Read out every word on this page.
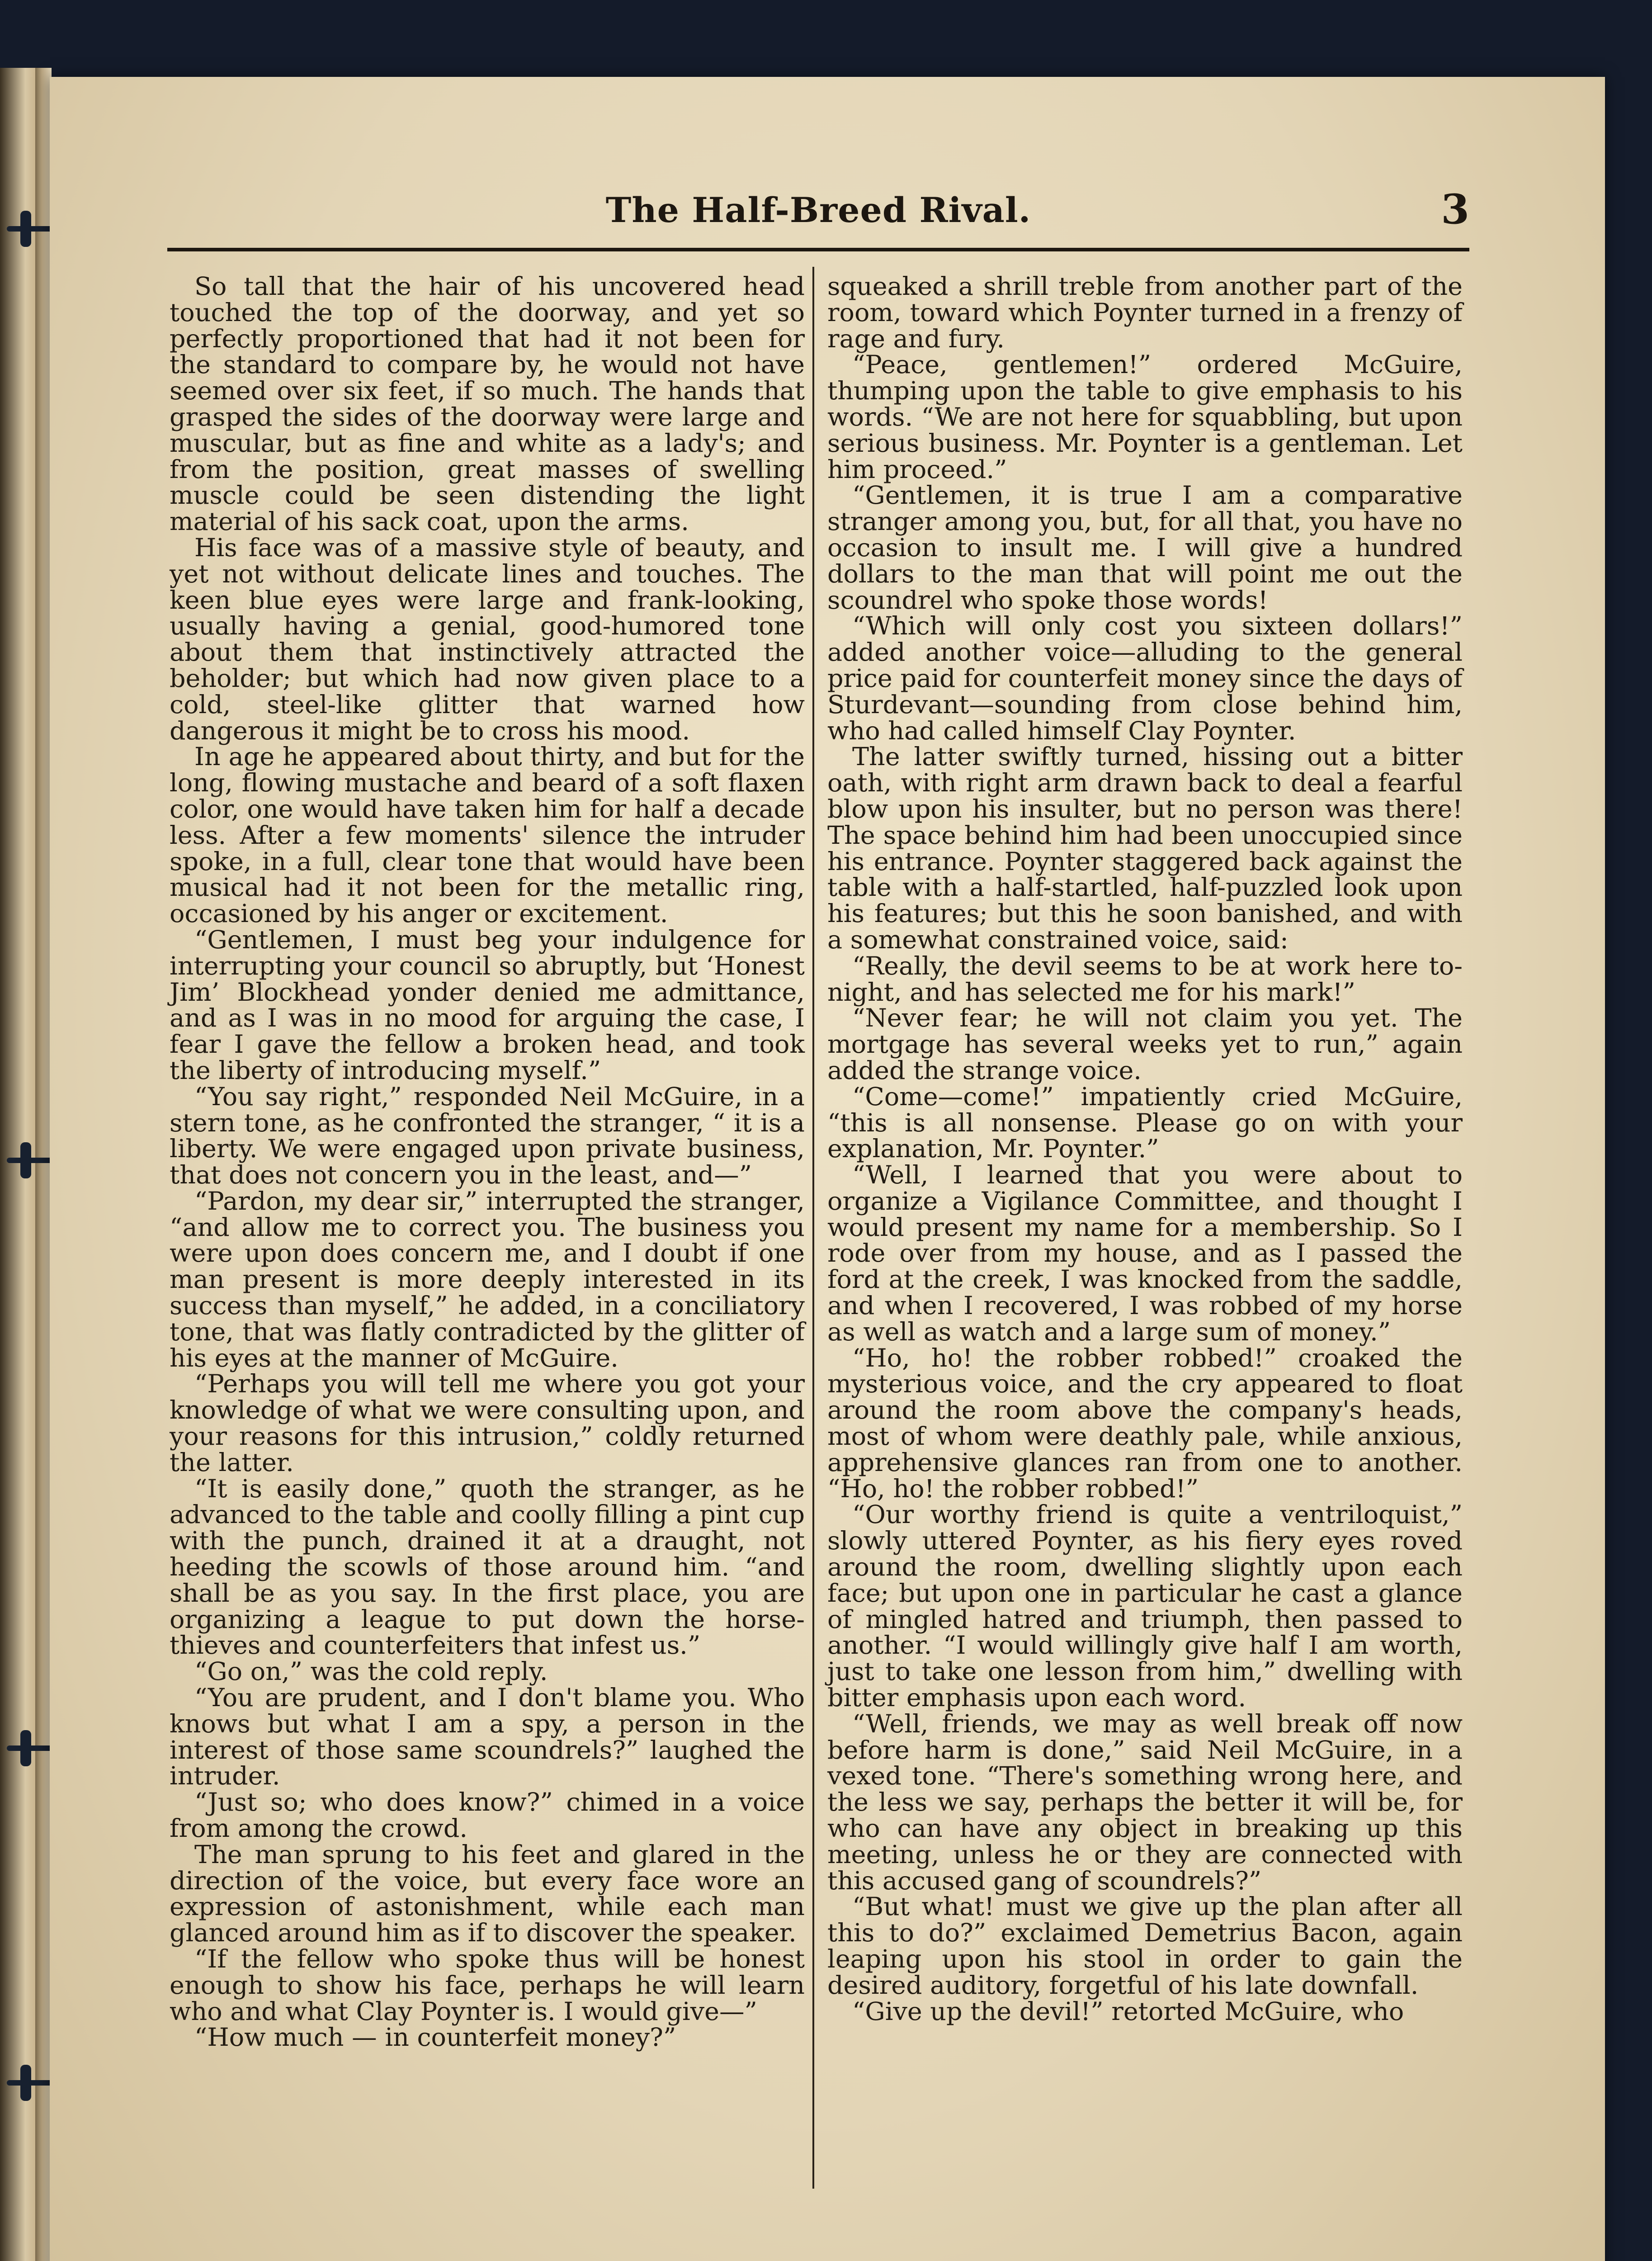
The Half-Breed Rival.	3

So tall that the hair of his uncovered head touched the top of the doorway, and yet so perfectly proportioned that had it not been for the standard to compare by, he would not have seemed over six feet, if so much. The hands that grasped the sides of the doorway were large and muscular, but as fine and white as a lady's; and from the position, great masses of swelling muscle could be seen distending the light material of his sack coat, upon the arms.

His face was of a massive style of beauty, and yet not without delicate lines and touches. The keen blue eyes were large and frank-looking, usually having a genial, good-humored tone about them that instinctively attracted the beholder; but which had now given place to a cold, steel-like glitter that warned how dangerous it might be to cross his mood.

In age he appeared about thirty, and but for the long, flowing mustache and beard of a soft flaxen color, one would have taken him for half a decade less. After a few moments' silence the intruder spoke, in a full, clear tone that would have been musical had it not been for the metallic ring, occasioned by his anger or excitement.

“Gentlemen, I must beg your indulgence for interrupting your council so abruptly, but ‘Honest Jim’ Blockhead yonder denied me admittance, and as I was in no mood for arguing the case, I fear I gave the fellow a broken head, and took the liberty of introducing myself.”

“You say right,” responded Neil McGuire, in a stern tone, as he confronted the stranger, “ it is a liberty. We were engaged upon private business, that does not concern you in the least, and—”

“Pardon, my dear sir,” interrupted the stranger, “and allow me to correct you. The business you were upon does concern me, and I doubt if one man present is more deeply interested in its success than myself,” he added, in a conciliatory tone, that was flatly contradicted by the glitter of his eyes at the manner of McGuire.

“Perhaps you will tell me where you got your knowledge of what we were consulting upon, and your reasons for this intrusion,” coldly returned the latter.

“It is easily done,” quoth the stranger, as he advanced to the table and coolly filling a pint cup with the punch, drained it at a draught, not heeding the scowls of those around him. “and shall be as you say. In the first place, you are organizing a league to put down the horse-thieves and counterfeiters that infest us.”

“Go on,” was the cold reply.

“You are prudent, and I don't blame you. Who knows but what I am a spy, a person in the interest of those same scoundrels?” laughed the intruder.

“Just so; who does know?” chimed in a voice from among the crowd.

The man sprung to his feet and glared in the direction of the voice, but every face wore an expression of astonishment, while each man glanced around him as if to discover the speaker.

“If the fellow who spoke thus will be honest enough to show his face, perhaps he will learn who and what Clay Poynter is. I would give—”

“How much — in counterfeit money?”

squeaked a shrill treble from another part of the room, toward which Poynter turned in a frenzy of rage and fury.

“Peace, gentlemen!” ordered McGuire, thumping upon the table to give emphasis to his words. “We are not here for squabbling, but upon serious business. Mr. Poynter is a gentleman. Let him proceed.”

“Gentlemen, it is true I am a comparative stranger among you, but, for all that, you have no occasion to insult me. I will give a hundred dollars to the man that will point me out the scoundrel who spoke those words!

“Which will only cost you sixteen dollars!” added another voice—alluding to the general price paid for counterfeit money since the days of Sturdevant—sounding from close behind him, who had called himself Clay Poynter.

The latter swiftly turned, hissing out a bitter oath, with right arm drawn back to deal a fearful blow upon his insulter, but no person was there! The space behind him had been unoccupied since his entrance. Poynter staggered back against the table with a half-startled, half-puzzled look upon his features; but this he soon banished, and with a somewhat constrained voice, said:

“Really, the devil seems to be at work here to-night, and has selected me for his mark!”

“Never fear; he will not claim you yet. The mortgage has several weeks yet to run,” again added the strange voice.

“Come—come!” impatiently cried McGuire, “this is all nonsense. Please go on with your explanation, Mr. Poynter.”

“Well, I learned that you were about to organize a Vigilance Committee, and thought I would present my name for a membership. So I rode over from my house, and as I passed the ford at the creek, I was knocked from the saddle, and when I recovered, I was robbed of my horse as well as watch and a large sum of money.”

“Ho, ho! the robber robbed!” croaked the mysterious voice, and the cry appeared to float around the room above the company's heads, most of whom were deathly pale, while anxious, apprehensive glances ran from one to another. “Ho, ho! the robber robbed!”

“Our worthy friend is quite a ventriloquist,” slowly uttered Poynter, as his fiery eyes roved around the room, dwelling slightly upon each face; but upon one in particular he cast a glance of mingled hatred and triumph, then passed to another. “I would willingly give half I am worth, just to take one lesson from him,” dwelling with bitter emphasis upon each word.

“Well, friends, we may as well break off now before harm is done,” said Neil McGuire, in a vexed tone. “There's something wrong here, and the less we say, perhaps the better it will be, for who can have any object in breaking up this meeting, unless he or they are connected with this accused gang of scoundrels?”

“But what! must we give up the plan after all this to do?” exclaimed Demetrius Bacon, again leaping upon his stool in order to gain the desired auditory, forgetful of his late downfall.

“Give up the devil!” retorted McGuire, who
